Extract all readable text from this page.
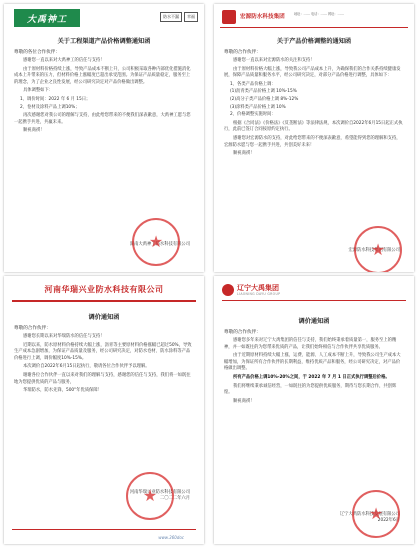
大禹神工	防水不漏	幸福
关于工程渠道产品价格调整通知函
尊敬的各位合作伙伴：
感谢您一直以来对大禹神工的信任与支持！
由于原材料价格持续上涨，导致产品成本不断上升，公司积极采取各种内部优化措施消化成本上升带来的压力，但材料价格上涨幅度已超出承受范围。为保证产品质量稳定，服务至上的理念，为了企业之良性发展，经公司研究决定对产品价格做出调整。
具体调整如下：
1、调价时间：2022 年 6 月 15日；
2、卷材及涂料产品上调10%；
再次感谢您对我公司的理解与支持，由此给您带来的不便我们深表歉意，大禹神工愿与您一起携手共进，共赢未来。
顺祝商祺！
湖南大禹神工防水科技有限公司
★
宏源防水科技集团	地址：…… 电话：…… 网址：……
关于产品价格调整的通知函
尊敬的合作伙伴：
感谢您一直以来对宏源防水的关注和支持！
由于原材料价格大幅上涨，导致我公司产品成本上升，为确保我们的合作关系持续健康发展，保障产品质量和服务水平，经公司研究决定，对部分产品价格进行调整，具体如下：
1、各类产品价格上调：
(1)沥青类产品价格上调 10%-15%
(2)高分子类产品价格上调 8%-12%
(3)涂料类产品价格上调 10%
2、价格调整实施时间：
根据《合同法》《价格法》《反垄断法》等法律法规，本次调价自2022年6月15日起正式执行，此前已签订合同按原约定执行。
感谢您对宏源防水的支持，对此给您带来的不便深表歉意，希望能得到您的理解和支持，宏源防水愿与您一起携手共进，共创美好未来！
顺祝商祺！
宏源防水科技集团有限公司
★
河南华瑞兴业防水科技有限公司
调价通知函
尊敬的合作伙伴：
感谢您长期以来对华瑞防水的信任与支持！
近期以来，防水原材料价格持续大幅上涨，沥青等主要原材料价格涨幅已超过50%，导致生产成本急剧增加，为保证产品质量及服务，经公司研究决定，对防水卷材、防水涂料等产品价格进行上调，调价幅度10%-15%。
本次调价自2022年6月15日起执行，敬请各位合作伙伴予以理解。
谢谢各位合作伙伴一直以来对我们的理解与支持，感谢您的信任与支持，我们将一如既往地为您提供优质的产品与服务，
华瑞防水，防水先锋，500"年优质保障！
河南华瑞兴业防水科技有限公司
二〇二二年六月
★
www.360doc
辽宁大禹集团
LIAONING DAYU GROUP
调价通知函
尊敬的合作伙伴：
感谢您多年来对辽宁大禹集团的信任与支持，我们始终秉承着质量第一，服务至上的精神，并一如既往的为您带来优质的产品，让我们始终相信与合作伙伴共享优质服务。
由于近期原材料持续大幅上涨，运费、能源、人工成本不断上升，导致我公司生产成本大幅增加，为保证所有合作伙伴的长期利益，维持优质产品和服务，经公司研究决定，对产品价格做出调整。
所有产品价格上调10%-20%之间，于 2022 年 7 月 1 日正式执行调整后价格。
我们将继续秉承诚信经营，一如既往的为您提供优质服务，期待与您长期合作，共创辉煌。
顺祝商祺！
辽宁大禹防水科技发展有限公司
2022年6月
★
